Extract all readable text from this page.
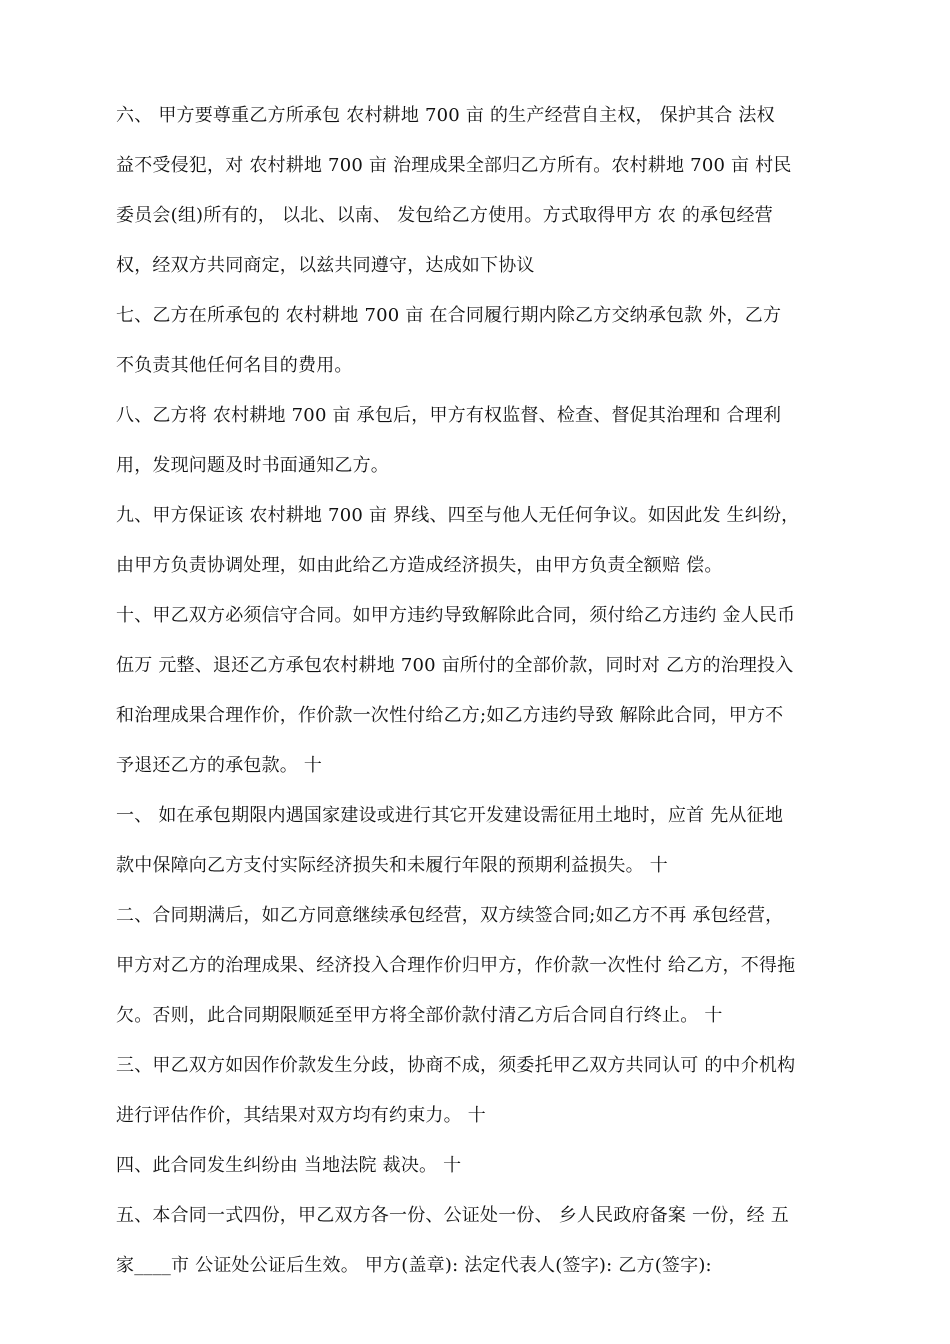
六、 甲方要尊重乙方所承包 农村耕地 700 亩 的生产经营自主权， 保护其合 法权
益不受侵犯，对 农村耕地 700 亩 治理成果全部归乙方所有。农村耕地 700 亩 村民
委员会(组)所有的， 以北、以南、 发包给乙方使用。方式取得甲方 农 的承包经营
权，经双方共同商定，以兹共同遵守，达成如下协议
七、乙方在所承包的 农村耕地 700 亩 在合同履行期内除乙方交纳承包款 外，乙方
不负责其他任何名目的费用。
八、乙方将 农村耕地 700 亩 承包后，甲方有权监督、检查、督促其治理和 合理利
用，发现问题及时书面通知乙方。
九、甲方保证该 农村耕地 700 亩 界线、四至与他人无任何争议。如因此发 生纠纷，
由甲方负责协调处理，如由此给乙方造成经济损失，由甲方负责全额赔 偿。
十、甲乙双方必须信守合同。如甲方违约导致解除此合同，须付给乙方违约 金人民币
伍万 元整、退还乙方承包农村耕地 700 亩所付的全部价款，同时对 乙方的治理投入
和治理成果合理作价，作价款一次性付给乙方;如乙方违约导致 解除此合同，甲方不
予退还乙方的承包款。 十
一、 如在承包期限内遇国家建设或进行其它开发建设需征用土地时，应首 先从征地
款中保障向乙方支付实际经济损失和未履行年限的预期利益损失。 十
二、合同期满后，如乙方同意继续承包经营，双方续签合同;如乙方不再 承包经营，
甲方对乙方的治理成果、经济投入合理作价归甲方，作价款一次性付 给乙方，不得拖
欠。否则，此合同期限顺延至甲方将全部价款付清乙方后合同自行终止。 十
三、甲乙双方如因作价款发生分歧，协商不成，须委托甲乙双方共同认可 的中介机构
进行评估作价，其结果对双方均有约束力。 十
四、此合同发生纠纷由 当地法院 裁决。 十
五、本合同一式四份，甲乙双方各一份、公证处一份、 乡人民政府备案 一份，经 五
家____市 公证处公证后生效。 甲方(盖章): 法定代表人(签字): 乙方(签字):
